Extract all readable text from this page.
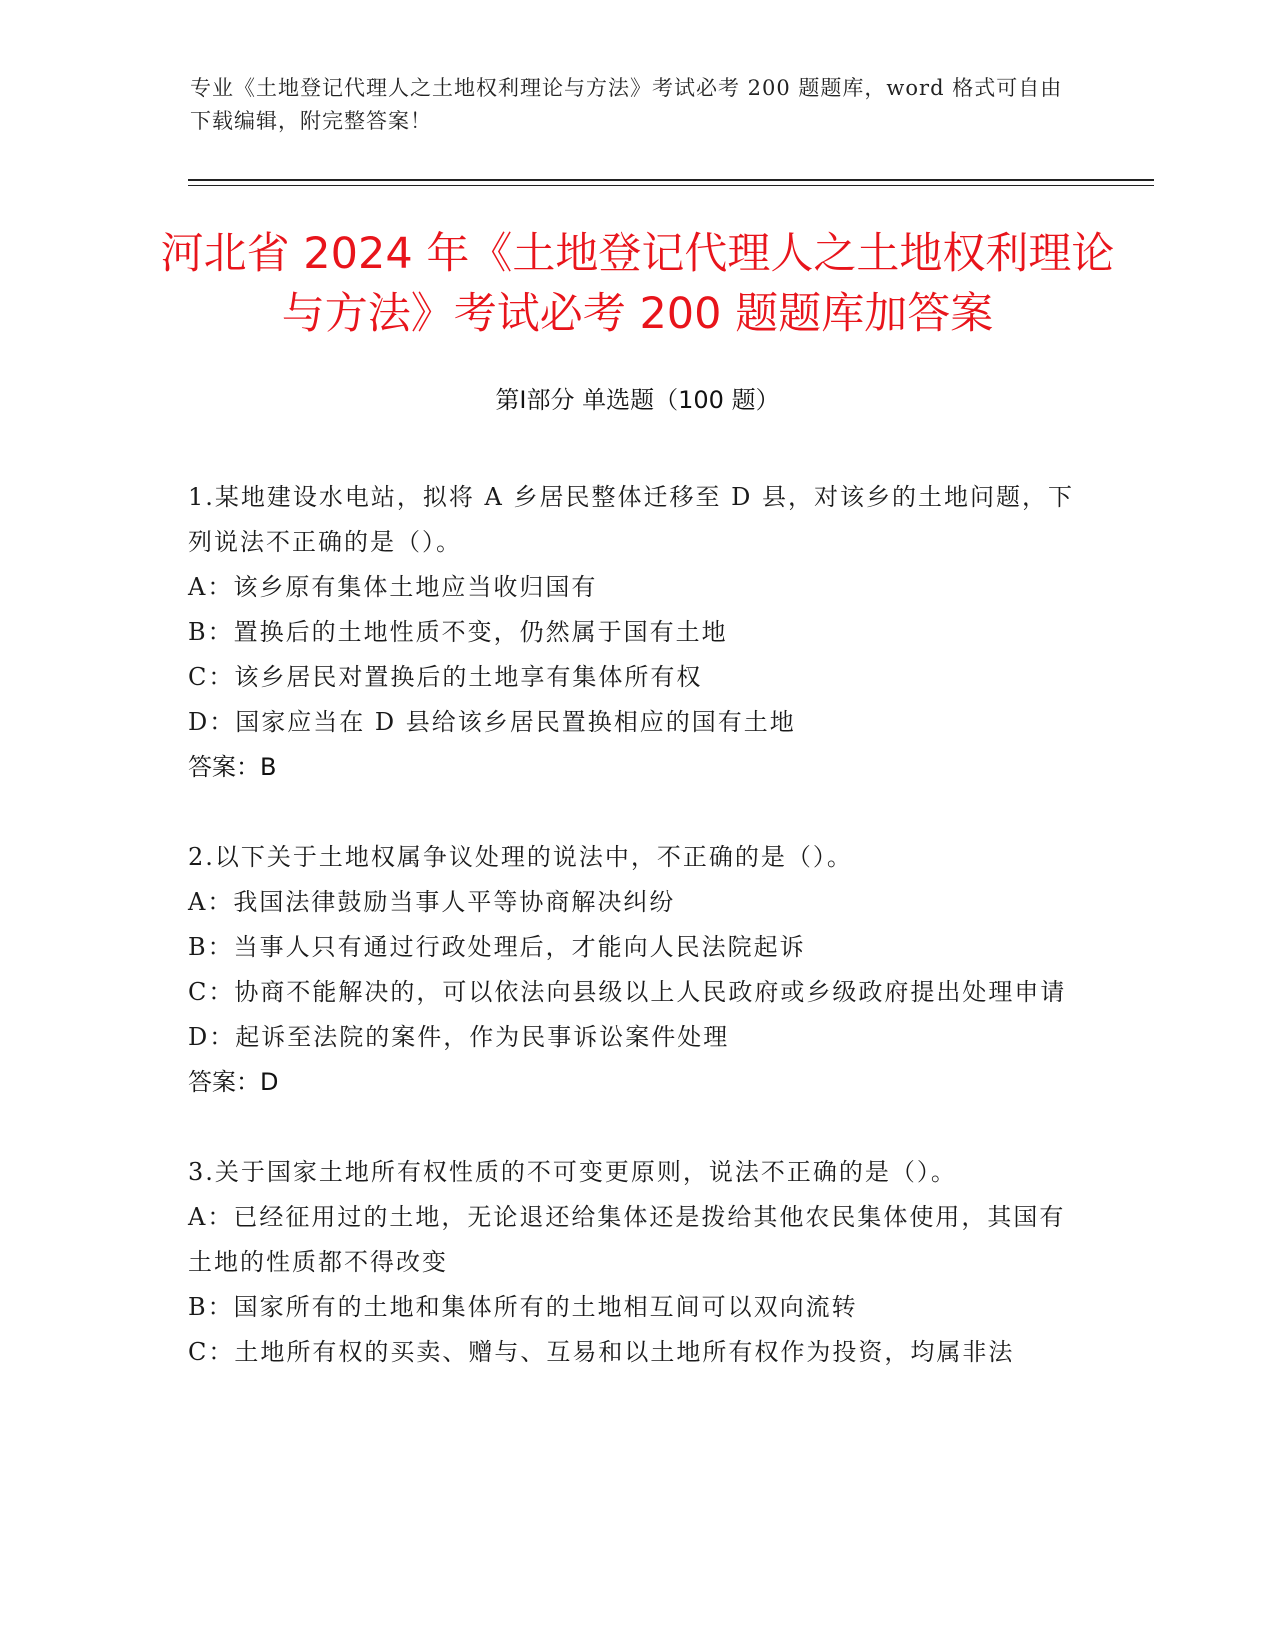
专业《土地登记代理人之土地权利理论与方法》考试必考 200 题题库，word 格式可自由下载编辑，附完整答案！
河北省 2024 年《土地登记代理人之土地权利理论与方法》考试必考 200 题题库加答案
第Ⅰ部分 单选题（100 题）
1.某地建设水电站，拟将 A 乡居民整体迁移至 D 县，对该乡的土地问题，下列说法不正确的是（）。
A：该乡原有集体土地应当收归国有
B：置换后的土地性质不变，仍然属于国有土地
C：该乡居民对置换后的土地享有集体所有权
D：国家应当在 D 县给该乡居民置换相应的国有土地
答案：B
2.以下关于土地权属争议处理的说法中，不正确的是（）。
A：我国法律鼓励当事人平等协商解决纠纷
B：当事人只有通过行政处理后，才能向人民法院起诉
C：协商不能解决的，可以依法向县级以上人民政府或乡级政府提出处理申请
D：起诉至法院的案件，作为民事诉讼案件处理
答案：D
3.关于国家土地所有权性质的不可变更原则，说法不正确的是（）。
A：已经征用过的土地，无论退还给集体还是拨给其他农民集体使用，其国有土地的性质都不得改变
B：国家所有的土地和集体所有的土地相互间可以双向流转
C：土地所有权的买卖、赠与、互易和以土地所有权作为投资，均属非法
